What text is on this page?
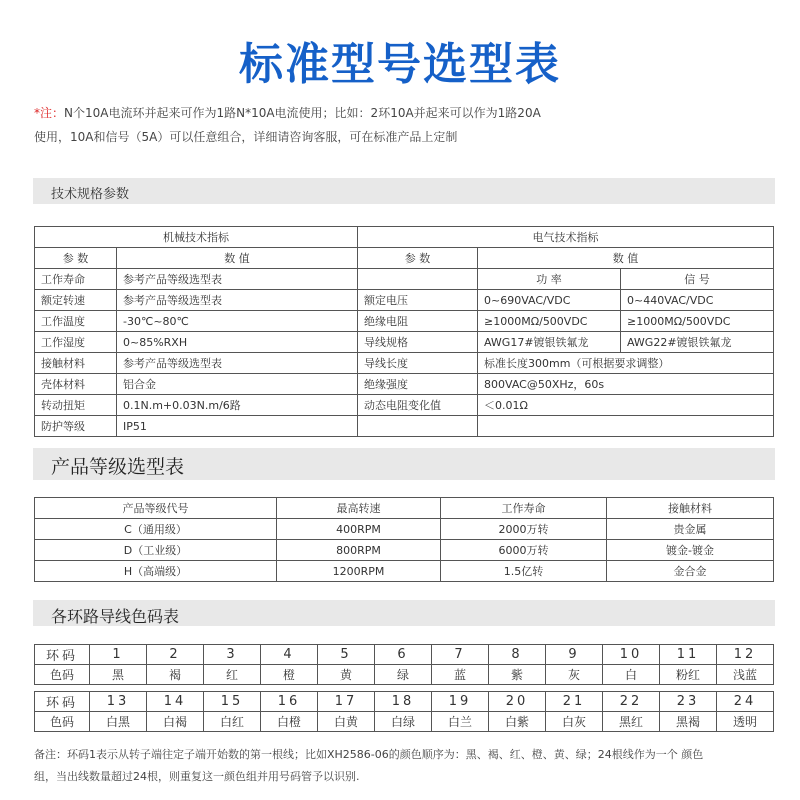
标准型号选型表
*注：N个10A电流环并起来可作为1路N*10A电流使用；比如：2环10A并起来可以作为1路20A
使用，10A和信号（5A）可以任意组合，详细请咨询客服，可在标准产品上定制
技术规格参数
机械技术指标		电气技术指标		
参 数	数 值	参 数	数 值	
工作寿命	参考产品等级选型表		功 率	信 号
额定转速	参考产品等级选型表	额定电压	0~690VAC/VDC	0~440VAC/VDC
工作温度	-30℃~80℃	绝缘电阻	≥1000MΩ/500VDC	≥1000MΩ/500VDC
工作湿度	0~85%RXH	导线规格	AWG17#镀银铁氟龙	AWG22#镀银铁氟龙
接触材料	参考产品等级选型表	导线长度	标准长度300mm（可根据要求调整）	
壳体材料	铝合金	绝缘强度	800VAC@50XHz，60s	
转动扭矩	0.1N.m+0.03N.m/6路	动态电阻变化值	＜0.01Ω	
防护等级	IP51			
产品等级选型表
产品等级代号	最高转速	工作寿命	接触材料
C（通用级）	400RPM	2000万转	贵金属
D（工业级）	800RPM	6000万转	镀金-镀金
H（高端级）	1200RPM	1.5亿转	金合金
各环路导线色码表
环码	1	2	3	4	5	6	7	8	9	10	11	12
色码	黑	褐	红	橙	黄	绿	蓝	紫	灰	白	粉红	浅蓝

环码	13	14	15	16	17	18	19	20	21	22	23	24
色码	白黑	白褐	白红	白橙	白黄	白绿	白兰	白紫	白灰	黑红	黑褐	透明
备注：环码1表示从转子端往定子端开始数的第一根线；比如XH2586-06的颜色顺序为：黑、褐、红、橙、黄、绿；24根线作为一个 颜色
组，当出线数量超过24根，则重复这一颜色组并用号码管予以识别.
